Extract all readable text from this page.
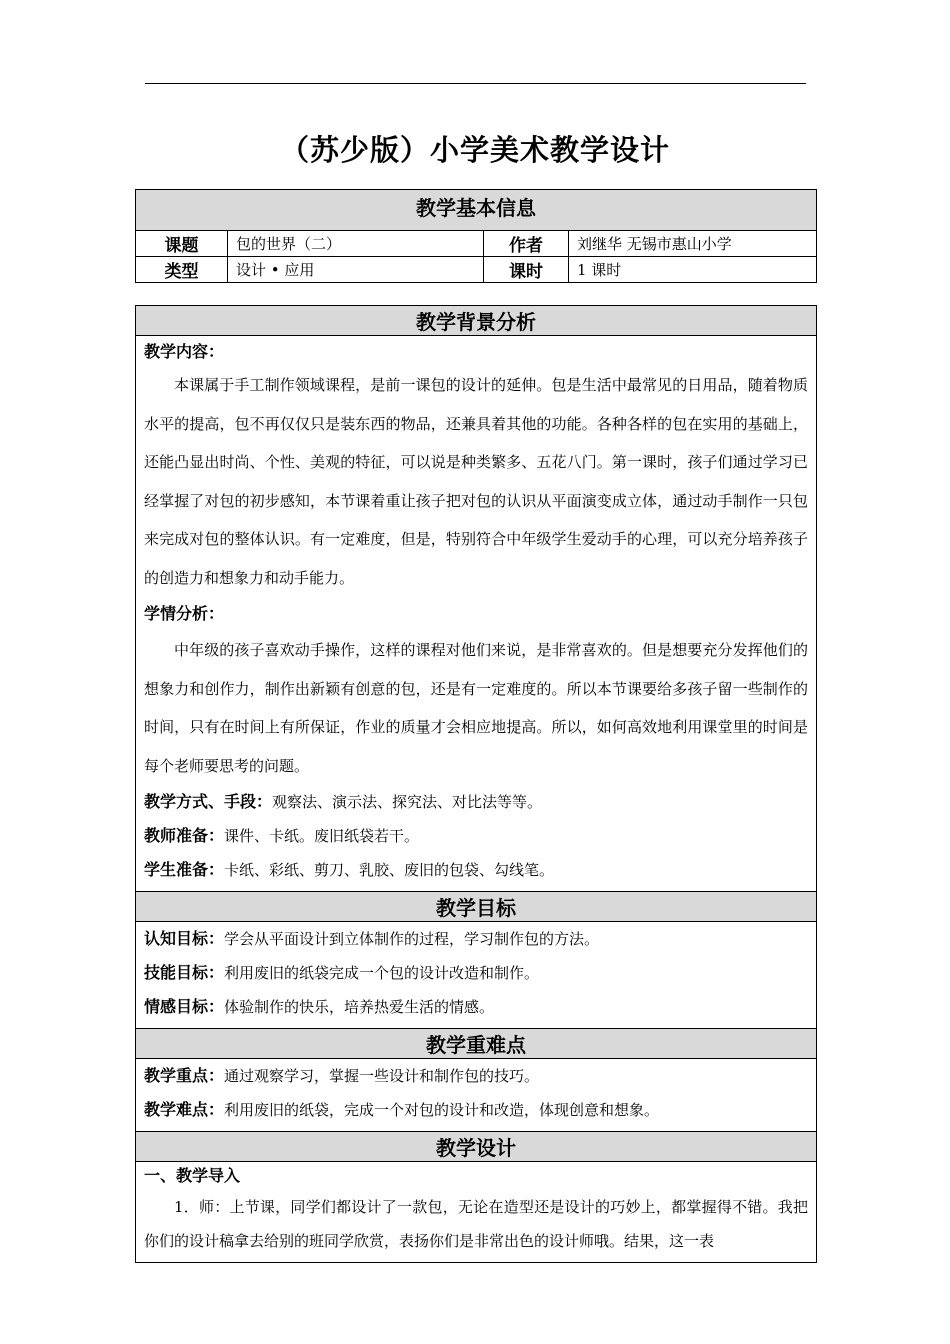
（苏少版）小学美术教学设计
教学基本信息			
课题	包的世界（二）	作者	刘继华 无锡市惠山小学
类型	设计 • 应用	课时	1 课时
教学背景分析

教学内容：

本课属于手工制作领域课程，是前一课包的设计的延伸。包是生活中最常见的日用品，随着物质水平的提高，包不再仅仅只是装东西的物品，还兼具着其他的功能。各种各样的包在实用的基础上，还能凸显出时尚、个性、美观的特征，可以说是种类繁多、五花八门。第一课时，孩子们通过学习已经掌握了对包的初步感知，本节课着重让孩子把对包的认识从平面演变成立体，通过动手制作一只包来完成对包的整体认识。有一定难度，但是，特别符合中年级学生爱动手的心理，可以充分培养孩子的创造力和想象力和动手能力。

学情分析：

中年级的孩子喜欢动手操作，这样的课程对他们来说，是非常喜欢的。但是想要充分发挥他们的想象力和创作力，制作出新颖有创意的包，还是有一定难度的。所以本节课要给多孩子留一些制作的时间，只有在时间上有所保证，作业的质量才会相应地提高。所以，如何高效地利用课堂里的时间是每个老师要思考的问题。

教学方式、手段：观察法、演示法、探究法、对比法等等。

教师准备：课件、卡纸。废旧纸袋若干。

学生准备：卡纸、彩纸、剪刀、乳胶、废旧的包袋、勾线笔。

教学目标

认知目标：学会从平面设计到立体制作的过程，学习制作包的方法。

技能目标：利用废旧的纸袋完成一个包的设计改造和制作。

情感目标：体验制作的快乐，培养热爱生活的情感。

教学重难点

教学重点：通过观察学习，掌握一些设计和制作包的技巧。

教学难点：利用废旧的纸袋，完成一个对包的设计和改造，体现创意和想象。

教学设计

一、教学导入

1．师：上节课，同学们都设计了一款包，无论在造型还是设计的巧妙上，都掌握得不错。我把你们的设计稿拿去给别的班同学欣赏，表扬你们是非常出色的设计师哦。结果，这一表
